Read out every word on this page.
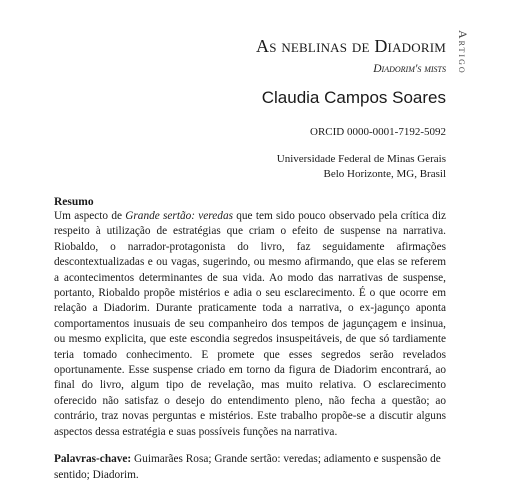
As neblinas de Diadorim
Diadorim's mists
Claudia Campos Soares
ORCID 0000-0001-7192-5092
Universidade Federal de Minas Gerais
Belo Horizonte, MG, Brasil
Artigo
Resumo

Um aspecto de Grande sertão: veredas que tem sido pouco observado pela crítica diz respeito à utilização de estratégias que criam o efeito de suspense na narrativa. Riobaldo, o narrador-protagonista do livro, faz seguidamente afirmações descontextualizadas e ou vagas, sugerindo, ou mesmo afirmando, que elas se referem a acontecimentos determinantes de sua vida. Ao modo das narrativas de suspense, portanto, Riobaldo propõe mistérios e adia o seu esclarecimento. É o que ocorre em relação a Diadorim. Durante praticamente toda a narrativa, o ex-jagunço aponta comportamentos inusuais de seu companheiro dos tempos de jagunçagem e insinua, ou mesmo explicita, que este escondia segredos insuspeitáveis, de que só tardiamente teria tomado conhecimento. E promete que esses segredos serão revelados oportunamente. Esse suspense criado em torno da figura de Diadorim encontrará, ao final do livro, algum tipo de revelação, mas muito relativa. O esclarecimento oferecido não satisfaz o desejo do entendimento pleno, não fecha a questão; ao contrário, traz novas perguntas e mistérios. Este trabalho propõe-se a discutir alguns aspectos dessa estratégia e suas possíveis funções na narrativa.

Palavras-chave: Guimarães Rosa; Grande sertão: veredas; adiamento e suspensão de sentido; Diadorim.
